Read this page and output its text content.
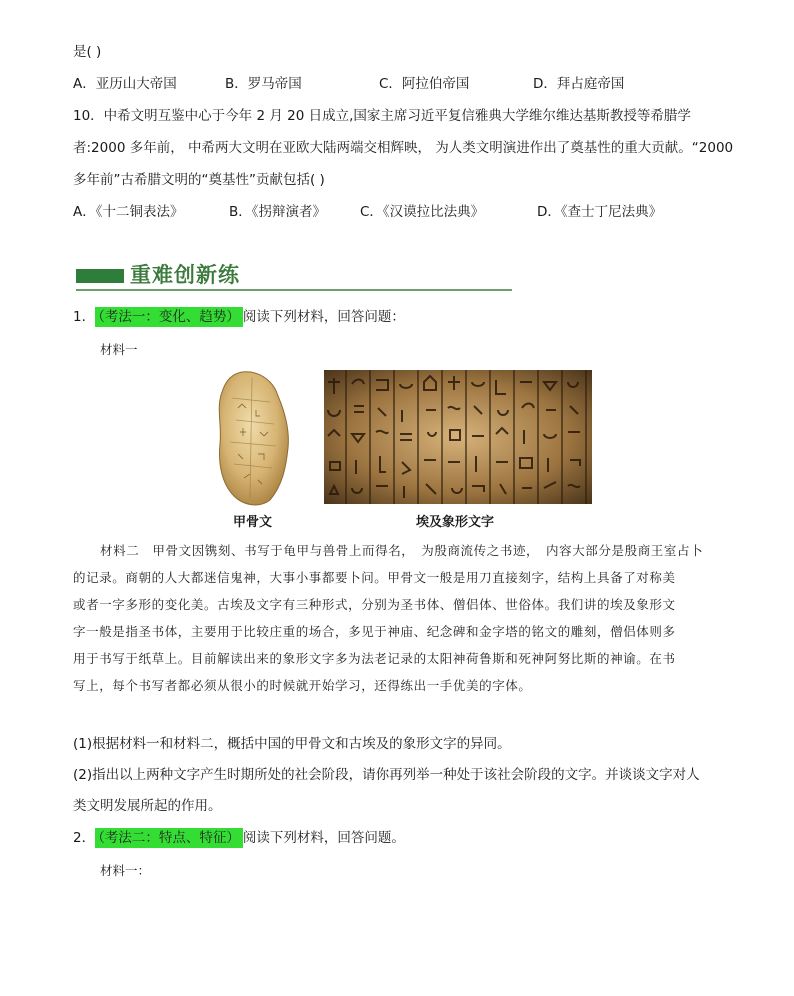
是( )
A．亚历山大帝国	B．罗马帝国	C．阿拉伯帝国	D．拜占庭帝国
10．中希文明互鉴中心于今年 2 月 20 日成立,国家主席习近平复信雅典大学维尔维达基斯教授等希腊学
者:2000 多年前， 中希两大文明在亚欧大陆两端交相辉映， 为人类文明演进作出了奠基性的重大贡献。“2000
多年前”古希腊文明的“奠基性”贡献包括( )
A．《十二铜表法》	B．《拐辩演者》	C．《汉谟拉比法典》	D．《查士丁尼法典》
重难创新练
1． （考法一：变化、趋势） 阅读下列材料，回答问题：
材料一
甲骨文	埃及象形文字

材料二　甲骨文因镌刻、书写于龟甲与兽骨上而得名，　为殷商流传之书迹，　内容大部分是殷商王室占卜

的记录。商朝的人大都迷信鬼神，大事小事都要卜问。甲骨文一般是用刀直接刻字，结构上具备了对称美

或者一字多形的变化美。古埃及文字有三种形式，分别为圣书体、僧侣体、世俗体。我们讲的埃及象形文

字一般是指圣书体，主要用于比较庄重的场合，多见于神庙、纪念碑和金字塔的铭文的雕刻，僧侣体则多

用于书写于纸草上。目前解读出来的象形文字多为法老记录的太阳神荷鲁斯和死神阿努比斯的神谕。在书

写上，每个书写者都必须从很小的时候就开始学习，还得练出一手优美的字体。

(1)根据材料一和材料二，概括中国的甲骨文和古埃及的象形文字的异同。
(2)指出以上两种文字产生时期所处的社会阶段，请你再列举一种处于该社会阶段的文字。并谈谈文字对人
类文明发展所起的作用。
2． （考法二：特点、特征） 阅读下列材料，回答问题。
材料一：
